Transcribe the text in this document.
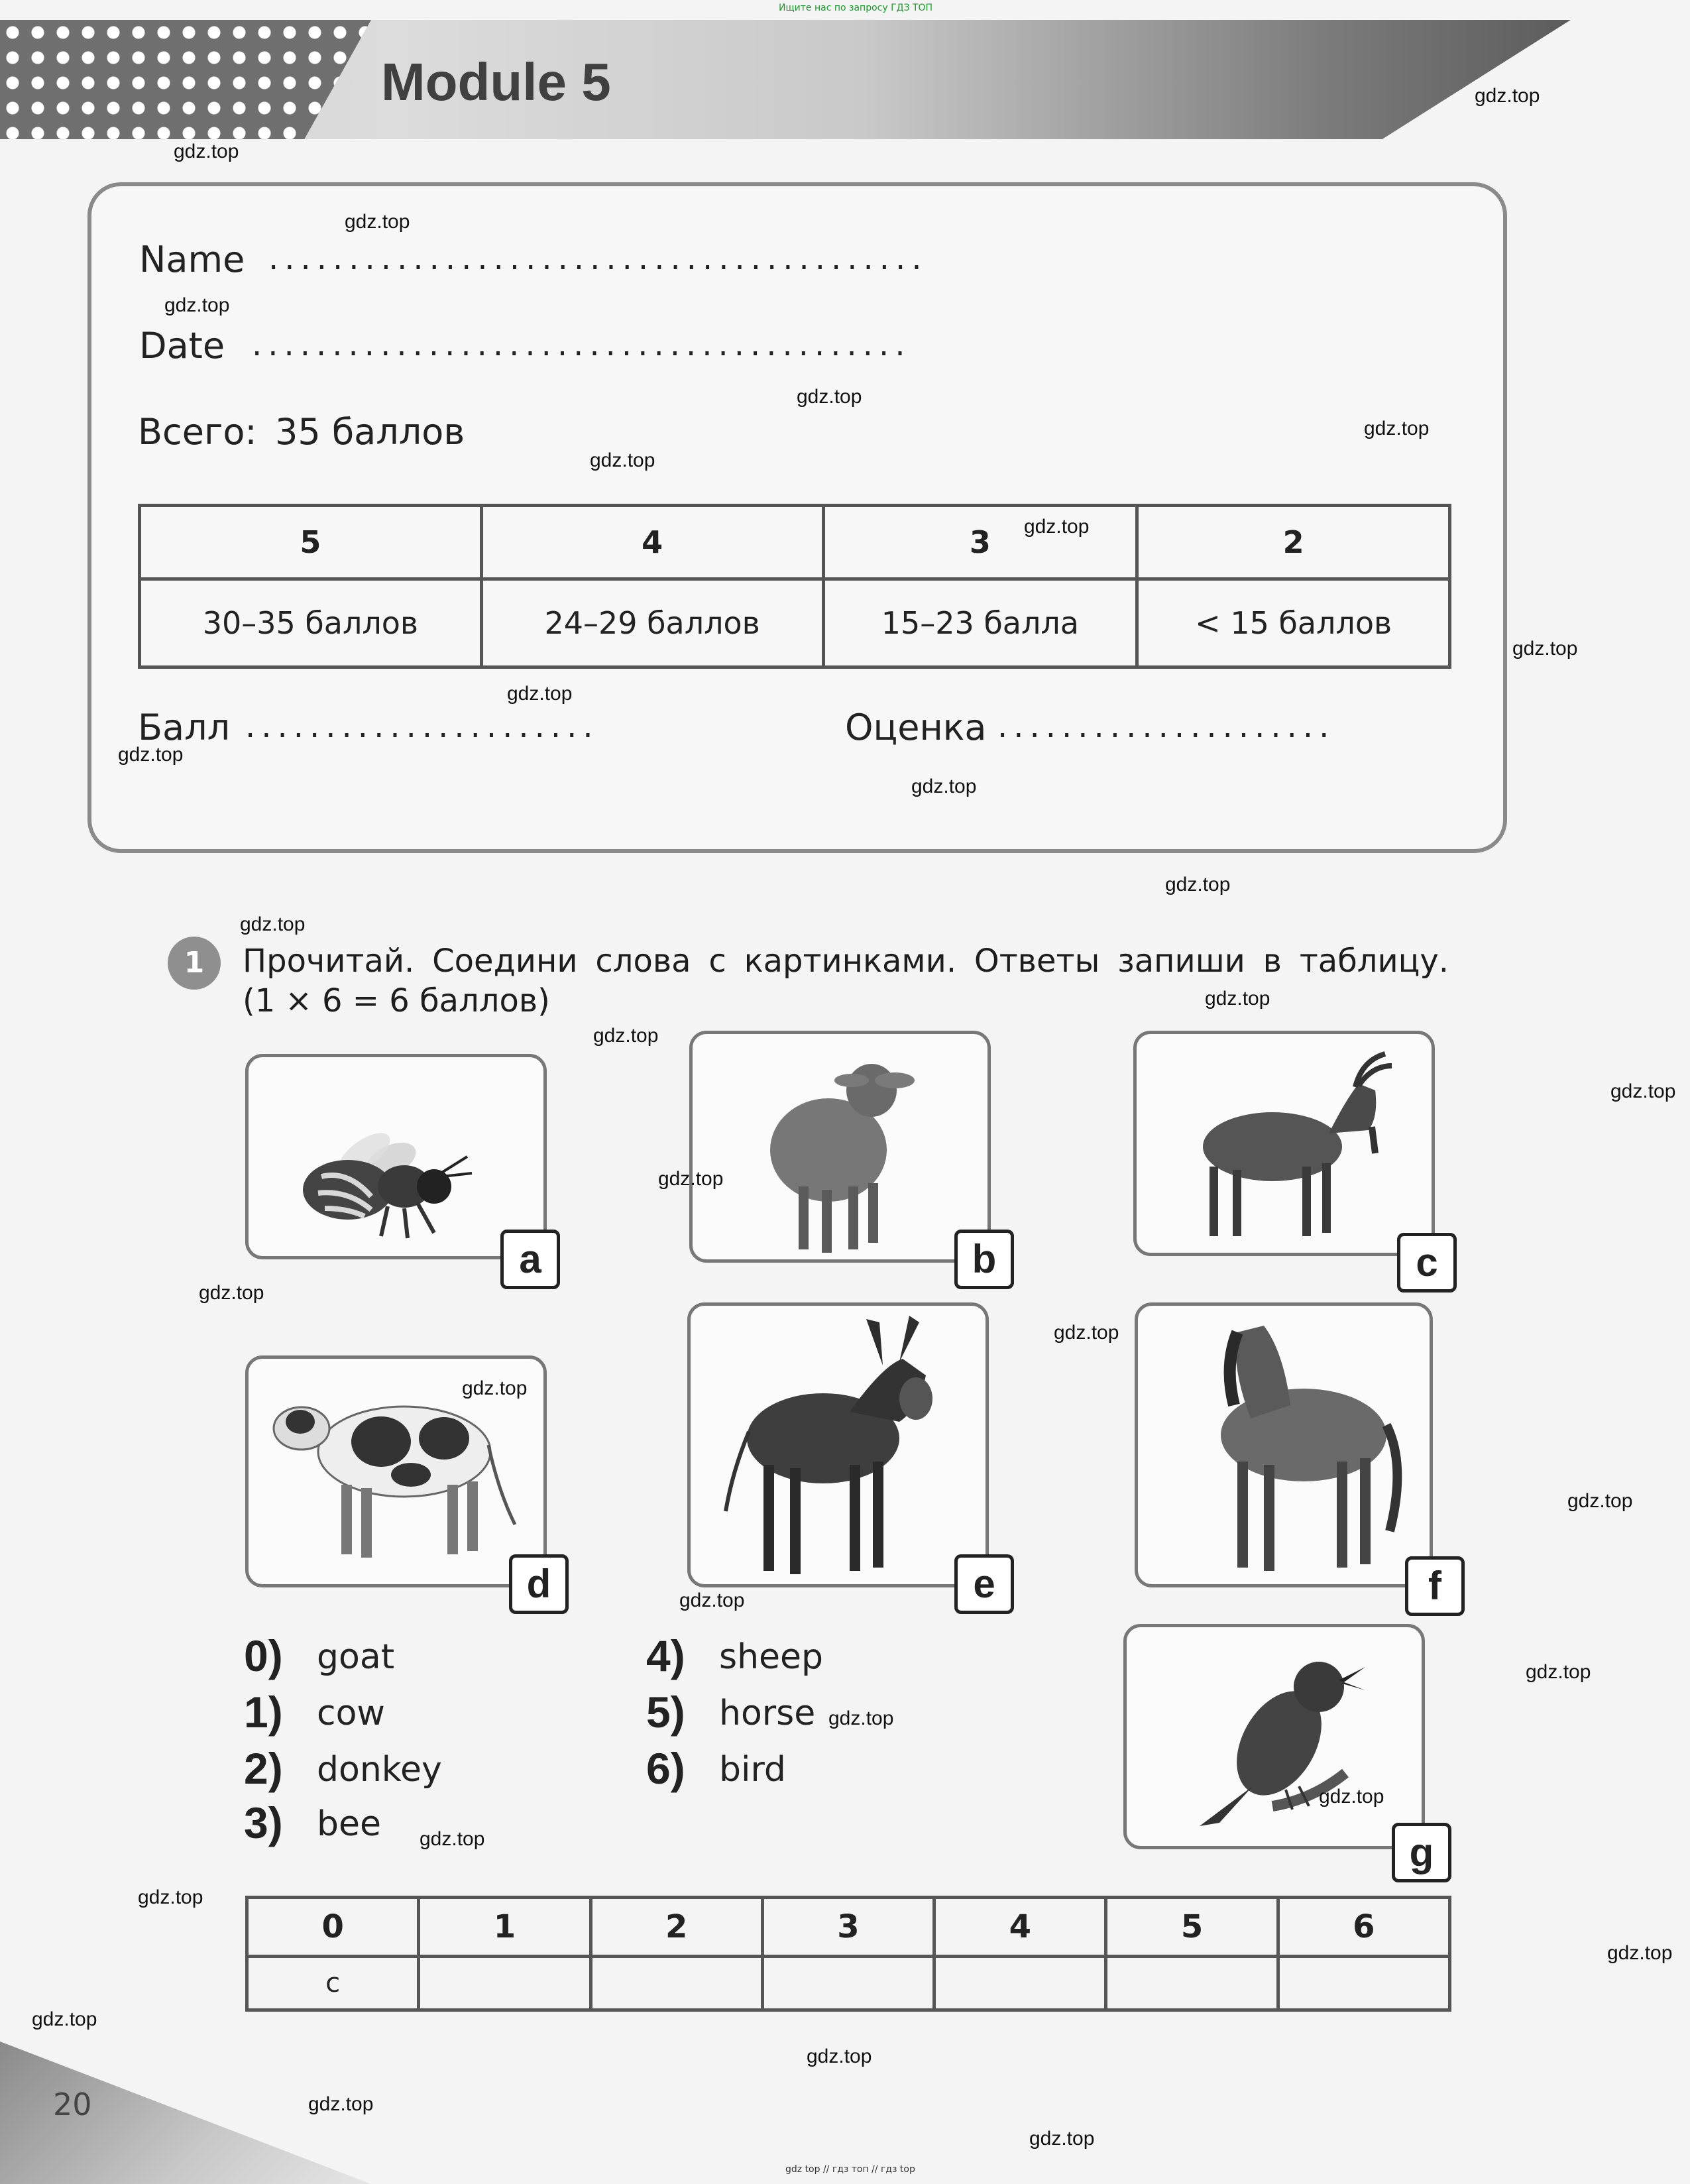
Module 5
Ищите нас по запросу ГДЗ ТОП
Name .........................................
Date .........................................
Всего: 35 баллов
5	4	3	2
30–35 баллов	24–29 баллов	15–23 балла	< 15 баллов
Балл ......................	Оценка .....................
1	Прочитай. Соедини слова с картинками. Ответы запиши в таблицу.
(1 × 6 = 6 баллов)
a	b	c
d	e	f
g
0) goat
1) cow
2) donkey
3) bee
4) sheep
5) horse
6) bird
0	1	2	3	4	5	6
c						
20
gdz top // гдз топ // гдз top
gdz.top
gdz.top
gdz.top
gdz.top
gdz.top
gdz.top
gdz.top
gdz.top
gdz.top
gdz.top
gdz.top
gdz.top
gdz.top
gdz.top
gdz.top
gdz.top
gdz.top
gdz.top
gdz.top
gdz.top
gdz.top
gdz.top
gdz.top
gdz.top
gdz.top
gdz.top
gdz.top
gdz.top
gdz.top
gdz.top
gdz.top
gdz.top
gdz.top
